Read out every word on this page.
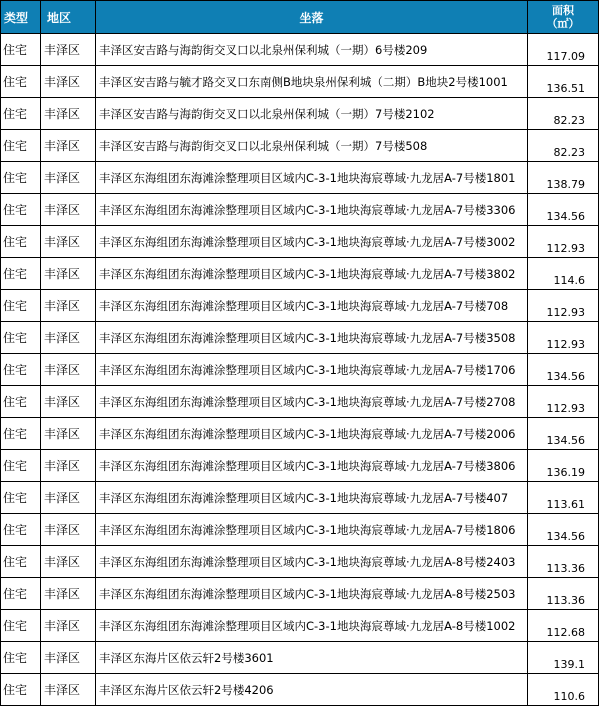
类型	地区	坐落	面积
（㎡）
住宅	丰泽区	丰泽区安吉路与海韵街交叉口以北泉州保利城（一期）6号楼209	117.09
住宅	丰泽区	丰泽区安吉路与毓才路交叉口东南侧B地块泉州保利城（二期）B地块2号楼1001	136.51
住宅	丰泽区	丰泽区安吉路与海韵街交叉口以北泉州保利城（一期）7号楼2102	82.23
住宅	丰泽区	丰泽区安吉路与海韵街交叉口以北泉州保利城（一期）7号楼508	82.23
住宅	丰泽区	丰泽区东海组团东海滩涂整理项目区域内C-3-1地块海宸尊域·九龙居A-7号楼1801	138.79
住宅	丰泽区	丰泽区东海组团东海滩涂整理项目区域内C-3-1地块海宸尊域·九龙居A-7号楼3306	134.56
住宅	丰泽区	丰泽区东海组团东海滩涂整理项目区域内C-3-1地块海宸尊域·九龙居A-7号楼3002	112.93
住宅	丰泽区	丰泽区东海组团东海滩涂整理项目区域内C-3-1地块海宸尊域·九龙居A-7号楼3802	114.6
住宅	丰泽区	丰泽区东海组团东海滩涂整理项目区域内C-3-1地块海宸尊域·九龙居A-7号楼708	112.93
住宅	丰泽区	丰泽区东海组团东海滩涂整理项目区域内C-3-1地块海宸尊域·九龙居A-7号楼3508	112.93
住宅	丰泽区	丰泽区东海组团东海滩涂整理项目区域内C-3-1地块海宸尊域·九龙居A-7号楼1706	134.56
住宅	丰泽区	丰泽区东海组团东海滩涂整理项目区域内C-3-1地块海宸尊域·九龙居A-7号楼2708	112.93
住宅	丰泽区	丰泽区东海组团东海滩涂整理项目区域内C-3-1地块海宸尊域·九龙居A-7号楼2006	134.56
住宅	丰泽区	丰泽区东海组团东海滩涂整理项目区域内C-3-1地块海宸尊域·九龙居A-7号楼3806	136.19
住宅	丰泽区	丰泽区东海组团东海滩涂整理项目区域内C-3-1地块海宸尊域·九龙居A-7号楼407	113.61
住宅	丰泽区	丰泽区东海组团东海滩涂整理项目区域内C-3-1地块海宸尊域·九龙居A-7号楼1806	134.56
住宅	丰泽区	丰泽区东海组团东海滩涂整理项目区域内C-3-1地块海宸尊域·九龙居A-8号楼2403	113.36
住宅	丰泽区	丰泽区东海组团东海滩涂整理项目区域内C-3-1地块海宸尊域·九龙居A-8号楼2503	113.36
住宅	丰泽区	丰泽区东海组团东海滩涂整理项目区域内C-3-1地块海宸尊域·九龙居A-8号楼1002	112.68
住宅	丰泽区	丰泽区东海片区依云轩2号楼3601	139.1
住宅	丰泽区	丰泽区东海片区依云轩2号楼4206	110.6
